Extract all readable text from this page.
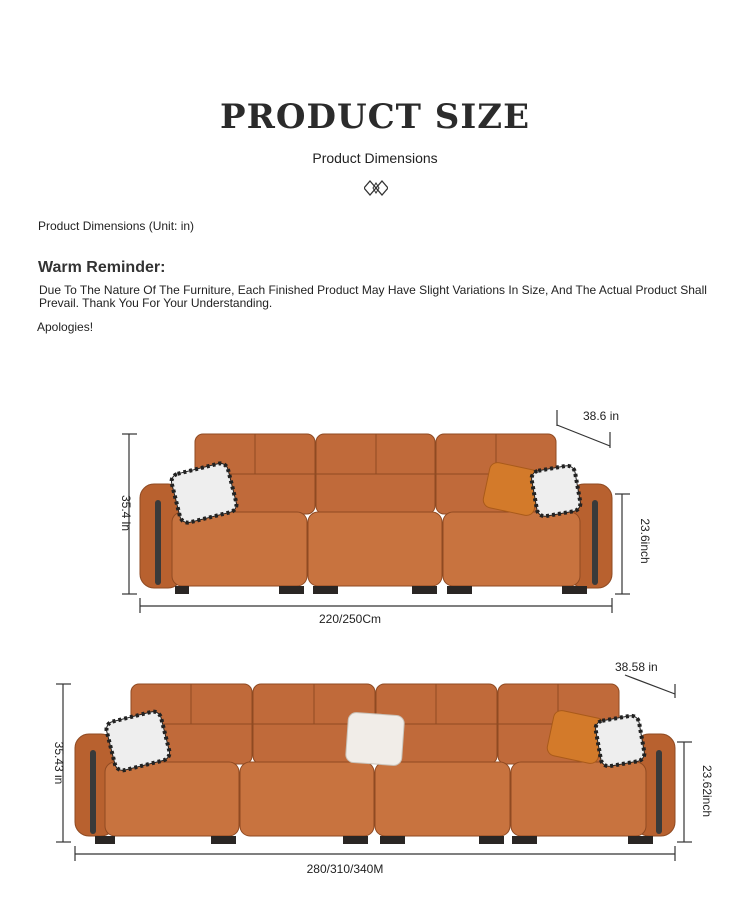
PRODUCT SIZE
Product Dimensions
Product Dimensions (Unit: in)
Warm Reminder:
Due To The Nature Of The Furniture, Each Finished Product May Have Slight Variations In Size, And The Actual Product Shall Prevail. Thank You For Your Understanding.
Apologies!
38.6 in
35.4 in
23.6inch
220/250Cm
38.58 in
35.43 in
23.62inch
280/310/340M
